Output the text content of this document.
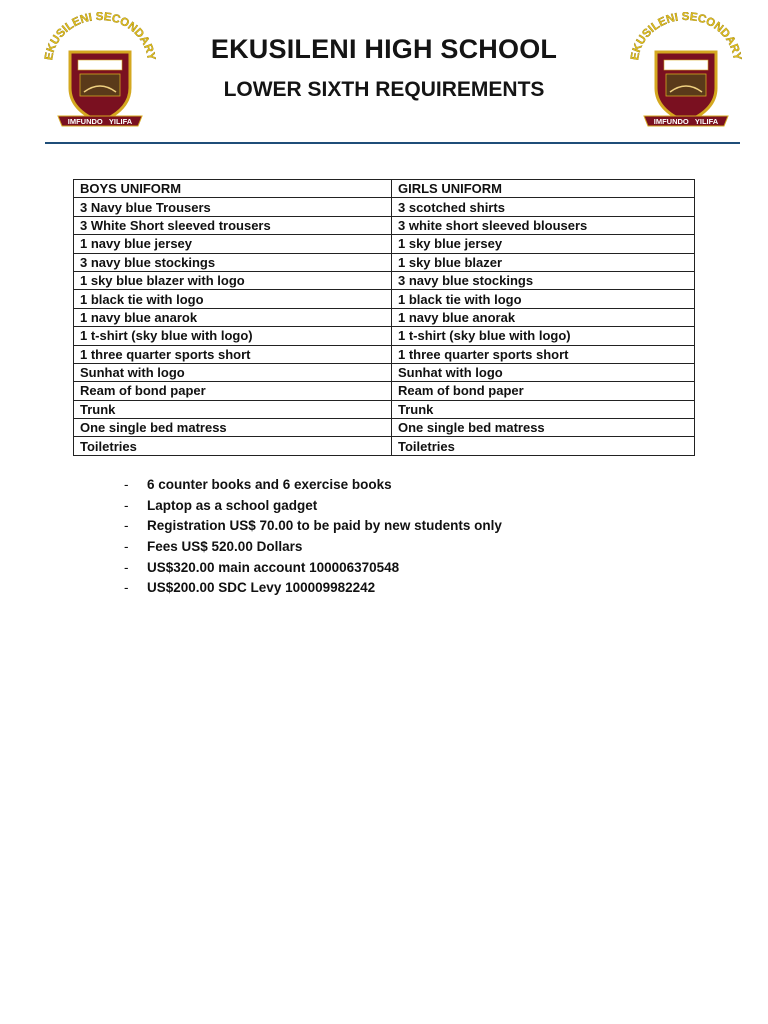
EKUSILENI SECONDARY
IMFUNDO   YILIFA
EKUSILENI SECONDARY
IMFUNDO   YILIFA
EKUSILENI HIGH SCHOOL
LOWER SIXTH REQUIREMENTS
BOYS UNIFORM	GIRLS UNIFORM
3 Navy blue Trousers	3 scotched shirts
3 White Short sleeved trousers	3 white short sleeved blousers
1 navy blue jersey	1 sky blue jersey
3 navy blue stockings	1 sky blue blazer
1 sky blue blazer with logo	3 navy blue stockings
1 black tie with logo	1 black tie with logo
1 navy blue anarok	1 navy blue anorak
1 t-shirt (sky blue with logo)	1 t-shirt (sky blue with logo)
1 three quarter sports short	1 three quarter sports short
Sunhat with logo	Sunhat with logo
Ream of bond paper	Ream of bond paper
Trunk	Trunk
One single bed matress	One single bed matress
Toiletries	Toiletries
- 6 counter books and 6 exercise books
- Laptop as a school gadget
- Registration US$ 70.00 to be paid by new students only
- Fees US$ 520.00 Dollars
- US$320.00 main account 100006370548
- US$200.00 SDC Levy 100009982242
